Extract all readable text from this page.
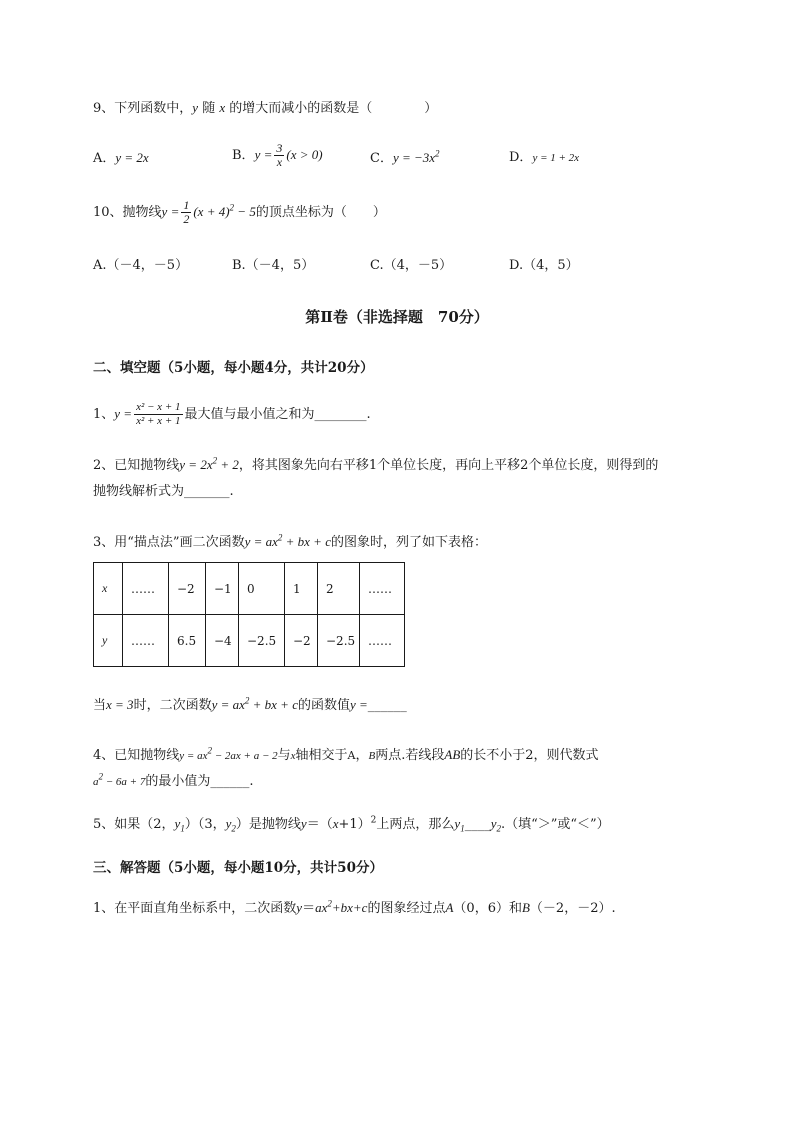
9、下列函数中，y 随 x 的增大而减小的函数是（　　　　）
A．y = 2x	B．$y = \frac{3}{x} (x > 0)$	C．$y = -3x^2$	D．y = 1 + 2x
10、抛物线$y = \frac{1}{2} (x + 4)^2 - 5$的顶点坐标为（　　）
A.（－4，－5）	B.（－4，5）	C.（4，－5）	D.（4，5）
第Ⅱ卷（非选择题　70分）
二、填空题（5小题，每小题4分，共计20分）
1、$y = \frac{\text{x² − x + 1}}{\text{x² + x + 1}}$ 最大值与最小值之和为________.
2、已知抛物线$y = 2x^2 + 2$，将其图象先向右平移1个单位长度，再向上平移2个单位长度，则得到的
抛物线解析式为_______.
3、用“描点法”画二次函数$y = ax^2$ + bx + c的图象时，列了如下表格：
x	……	−2	−1	0	1	2	……
y	……	6.5	−4	−2.5	−2	−2.5	……
当x = 3时，二次函数$y = ax^2$ + bx + c的函数值y =______
4、已知抛物线$y = ax^2 - 2ax + a - 2$与x轴相交于A，B两点.若线段AB的长不小于2，则代数式
$a^2 - 6a + 7$的最小值为______.
5、如果（2，$y_1)(3$，$y_2$）是抛物线$y=(x+1)^2$上两点，那么$y_1\_\_\_\_y_2$.（填“＞”或“＜”）
三、解答题（5小题，每小题10分，共计50分）
1、在平面直角坐标系中，二次函数$y=ax^2+bx+c$的图象经过点A（0，6）和B（－2，－2）.
